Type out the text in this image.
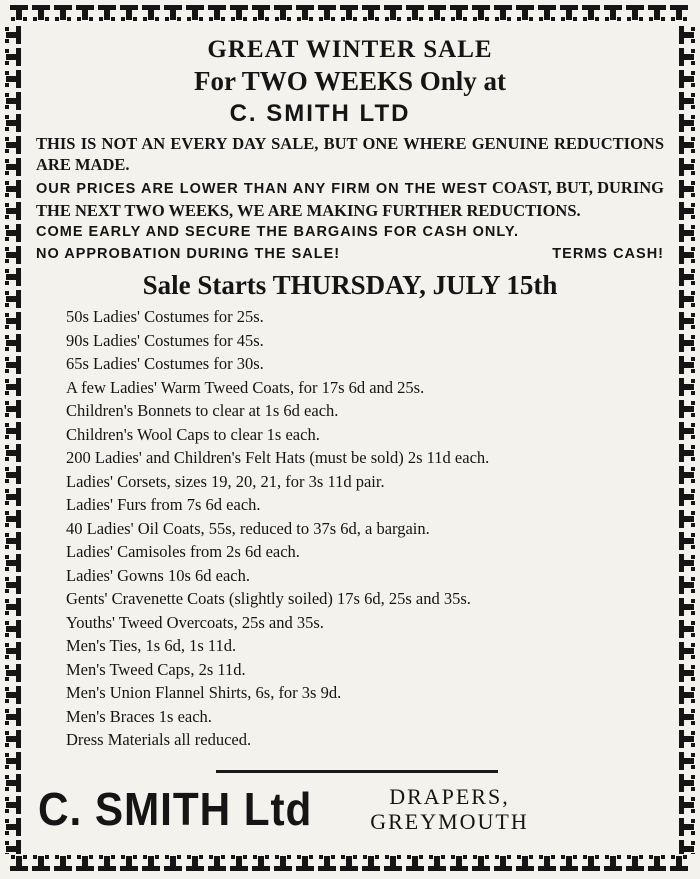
GREAT WINTER SALE
For TWO WEEKS Only at
C. SMITH LTD
THIS IS NOT AN EVERY DAY SALE, BUT ONE WHERE GENUINE REDUCTIONS ARE MADE.
OUR PRICES ARE LOWER THAN ANY FIRM ON THE WEST COAST, BUT, DURING THE NEXT TWO WEEKS, WE ARE MAKING FURTHER REDUCTIONS.
COME EARLY AND SECURE THE BARGAINS FOR CASH ONLY.
NO APPROBATION DURING THE SALE!	TERMS CASH!
Sale Starts THURSDAY, JULY 15th
50s Ladies' Costumes for 25s.
90s Ladies' Costumes for 45s.
65s Ladies' Costumes for 30s.
A few Ladies' Warm Tweed Coats, for 17s 6d and 25s.
Children's Bonnets to clear at 1s 6d each.
Children's Wool Caps to clear 1s each.
200 Ladies' and Children's Felt Hats (must be sold) 2s 11d each.
Ladies' Corsets, sizes 19, 20, 21, for 3s 11d pair.
Ladies' Furs from 7s 6d each.
40 Ladies' Oil Coats, 55s, reduced to 37s 6d, a bargain.
Ladies' Camisoles from 2s 6d each.
Ladies' Gowns 10s 6d each.
Gents' Cravenette Coats (slightly soiled) 17s 6d, 25s and 35s.
Youths' Tweed Overcoats, 25s and 35s.
Men's Ties, 1s 6d, 1s 11d.
Men's Tweed Caps, 2s 11d.
Men's Union Flannel Shirts, 6s, for 3s 9d.
Men's Braces 1s each.
Dress Materials all reduced.
C. SMITH Ltd	DRAPERS,
GREYMOUTH
